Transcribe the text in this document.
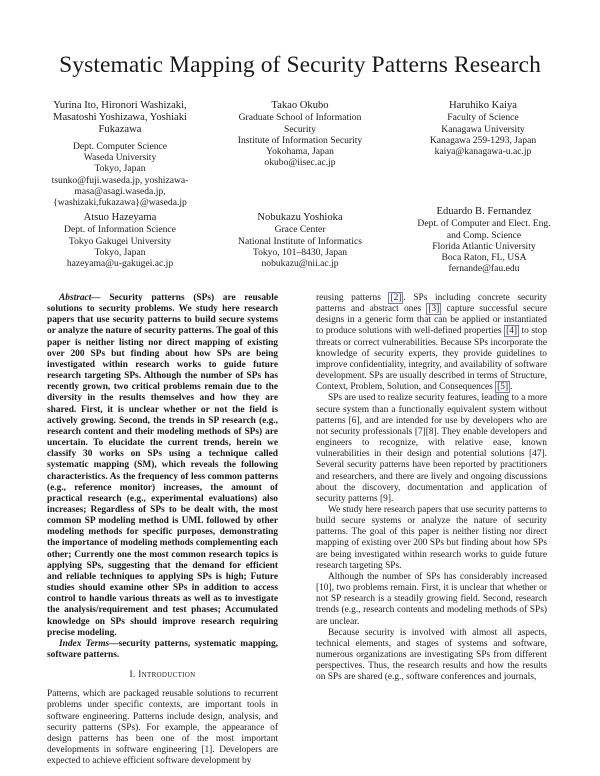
Systematic Mapping of Security Patterns Research
Yurina Ito, Hironori Washizaki, Masatoshi Yoshizawa, Yoshiaki Fukazawa
Dept. Computer Science
Waseda University
Tokyo, Japan
tsunko@fuji.waseda.jp, yoshizawa-
masa@asagi.waseda.jp,
{washizaki,fukazawa}@waseda.jp
Takao Okubo
Graduate School of Information
Security
Institute of Information Security
Yokohama, Japan
okubo@iisec.ac.jp
Haruhiko Kaiya
Faculty of Science
Kanagawa University
Kanagawa 259-1293, Japan
kaiya@kanagawa-u.ac.jp
Atsuo Hazeyama
Dept. of Information Science
Tokyo Gakugei University
Tokyo, Japan
hazeyama@u-gakugei.ac.jp
Nobukazu Yoshioka
Grace Center
National Institute of Informatics
Tokyo, 101–8430, Japan
nobukazu@nii.ac.jp
Eduardo B. Fernandez
Dept. of Computer and Elect. Eng.
and Comp. Science
Florida Atlantic University
Boca Raton, FL, USA
fernande@fau.edu

Abstract— Security patterns (SPs) are reusable solutions to security problems. We study here research papers that use security patterns to build secure systems or analyze the nature of security patterns. The goal of this paper is neither listing nor direct mapping of existing over 200 SPs but finding about how SPs are being investigated within research works to guide future research targeting SPs. Although the number of SPs has recently grown, two critical problems remain due to the diversity in the results themselves and how they are shared. First, it is unclear whether or not the field is actively growing. Second, the trends in SP research (e.g., research content and their modeling methods of SPs) are uncertain. To elucidate the current trends, herein we classify 30 works on SPs using a technique called systematic mapping (SM), which reveals the following characteristics. As the frequency of less common patterns (e.g., reference monitor) increases, the amount of practical research (e.g., experimental evaluations) also increases; Regardless of SPs to be dealt with, the most common SP modeling method is UML followed by other modeling methods for specific purposes, demonstrating the importance of modeling methods complementing each other; Currently one the most common research topics is applying SPs, suggesting that the demand for efficient and reliable techniques to applying SPs is high; Future studies should examine other SPs in addition to access control to handle various threats as well as to investigate the analysis/requirement and test phases; Accumulated knowledge on SPs should improve research requiring precise modeling.

Index Terms—security patterns, systematic mapping, software patterns.

I. Introduction

Patterns, which are packaged reusable solutions to recurrent problems under specific contexts, are important tools in software engineering. Patterns include design, analysis, and security patterns (SPs). For example, the appearance of design patterns has been one of the most important developments in software engineering [1]. Developers are expected to achieve efficient software development by

reusing patterns [2] . SPs including concrete security patterns and abstract ones [3] capture successful secure designs in a generic form that can be applied or instantiated to produce solutions with well-defined properties [4] to stop threats or correct vulnerabilities. Because SPs incorporate the knowledge of security experts, they provide guidelines to improve confidentiality, integrity, and availability of software development. SPs are usually described in terms of Structure, Context, Problem, Solution, and Consequences [5] .

SPs are used to realize security features, leading to a more secure system than a functionally equivalent system without patterns [6], and are intended for use by developers who are not security professionals [7][8]. They enable developers and engineers to recognize, with relative ease, known vulnerabilities in their design and potential solutions [47]. Several security patterns have been reported by practitioners and researchers, and there are lively and ongoing discussions about the discovery, documentation and application of security patterns [9].

We study here research papers that use security patterns to build secure systems or analyze the nature of security patterns. The goal of this paper is neither listing nor direct mapping of existing over 200 SPs but finding about how SPs are being investigated within research works to guide future research targeting SPs.

Although the number of SPs has considerably increased [10], two problems remain. First, it is unclear that whether or not SP research is a steadily growing field. Second, research trends (e.g., research contents and modeling methods of SPs) are unclear.

Because security is involved with almost all aspects, technical elements, and stages of systems and software, numerous organizations are investigating SPs from different perspectives. Thus, the research results and how the results on SPs are shared (e.g., software conferences and journals,
